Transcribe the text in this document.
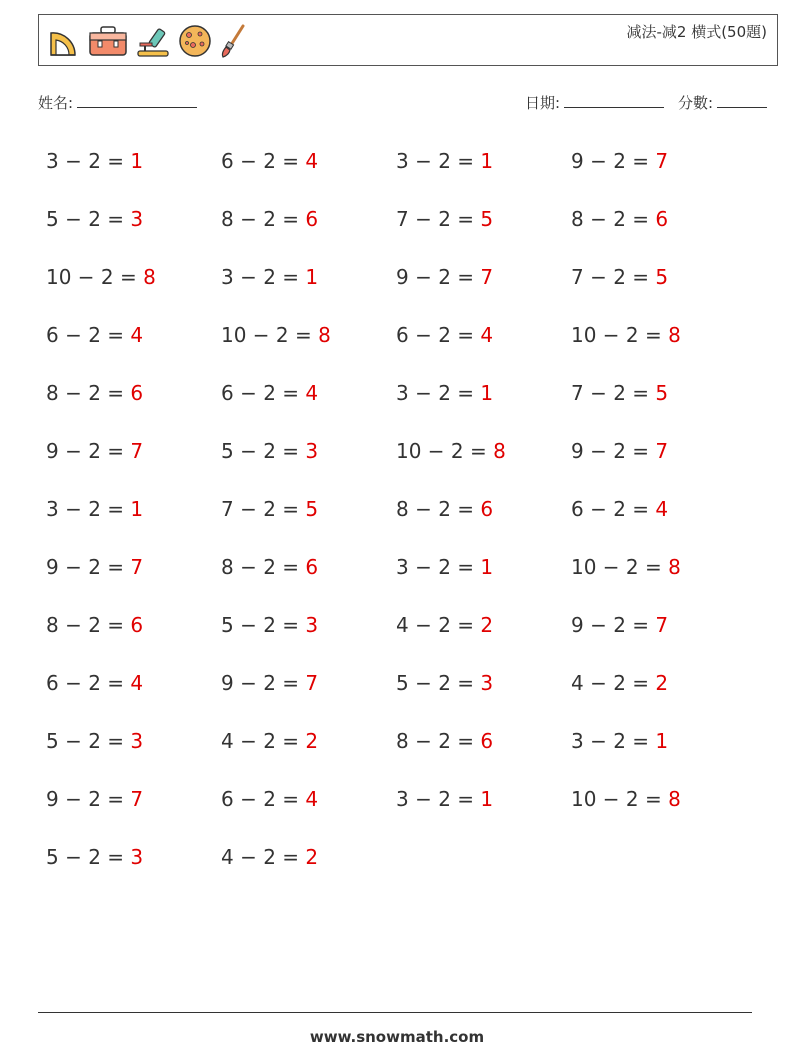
减法-减2 横式(50題)
姓名:	日期:	分數:
3 − 2 = 1	6 − 2 = 4	3 − 2 = 1	9 − 2 = 7
5 − 2 = 3	8 − 2 = 6	7 − 2 = 5	8 − 2 = 6
10 − 2 = 8	3 − 2 = 1	9 − 2 = 7	7 − 2 = 5
6 − 2 = 4	10 − 2 = 8	6 − 2 = 4	10 − 2 = 8
8 − 2 = 6	6 − 2 = 4	3 − 2 = 1	7 − 2 = 5
9 − 2 = 7	5 − 2 = 3	10 − 2 = 8	9 − 2 = 7
3 − 2 = 1	7 − 2 = 5	8 − 2 = 6	6 − 2 = 4
9 − 2 = 7	8 − 2 = 6	3 − 2 = 1	10 − 2 = 8
8 − 2 = 6	5 − 2 = 3	4 − 2 = 2	9 − 2 = 7
6 − 2 = 4	9 − 2 = 7	5 − 2 = 3	4 − 2 = 2
5 − 2 = 3	4 − 2 = 2	8 − 2 = 6	3 − 2 = 1
9 − 2 = 7	6 − 2 = 4	3 − 2 = 1	10 − 2 = 8
5 − 2 = 3	4 − 2 = 2
www.snowmath.com
